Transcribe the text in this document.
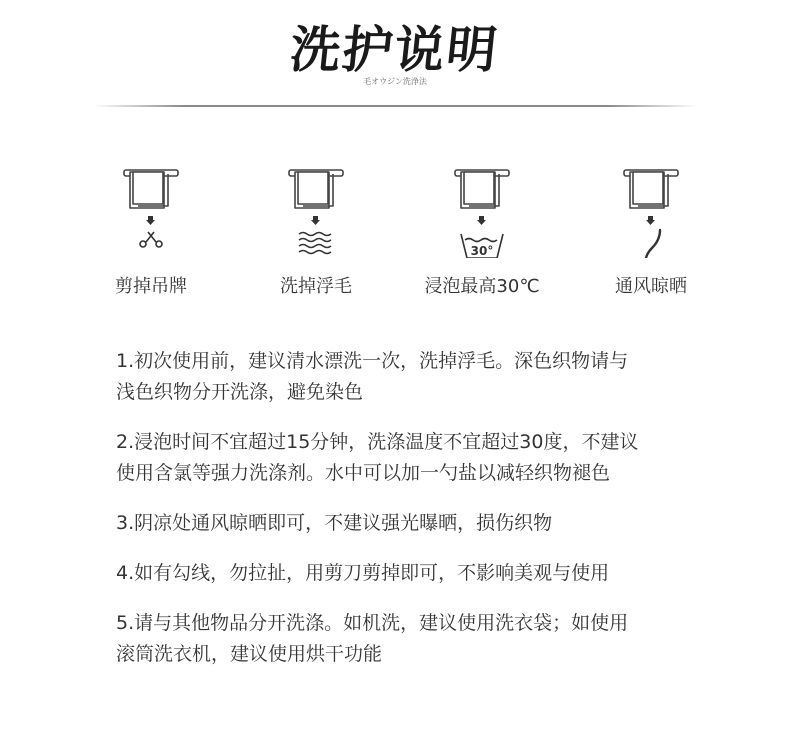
洗护说明
毛オウジン洗浄法
剪掉吊牌	洗掉浮毛
30°
浸泡最高30℃	通风晾晒
1.初次使用前，建议清水漂洗一次，洗掉浮毛。深色织物请与
浅色织物分开洗涤，避免染色
2.浸泡时间不宜超过15分钟，洗涤温度不宜超过30度，不建议
使用含氯等强力洗涤剂。水中可以加一勺盐以减轻织物褪色
3.阴凉处通风晾晒即可，不建议强光曝晒，损伤织物
4.如有勾线，勿拉扯，用剪刀剪掉即可，不影响美观与使用
5.请与其他物品分开洗涤。如机洗，建议使用洗衣袋；如使用
滚筒洗衣机，建议使用烘干功能
